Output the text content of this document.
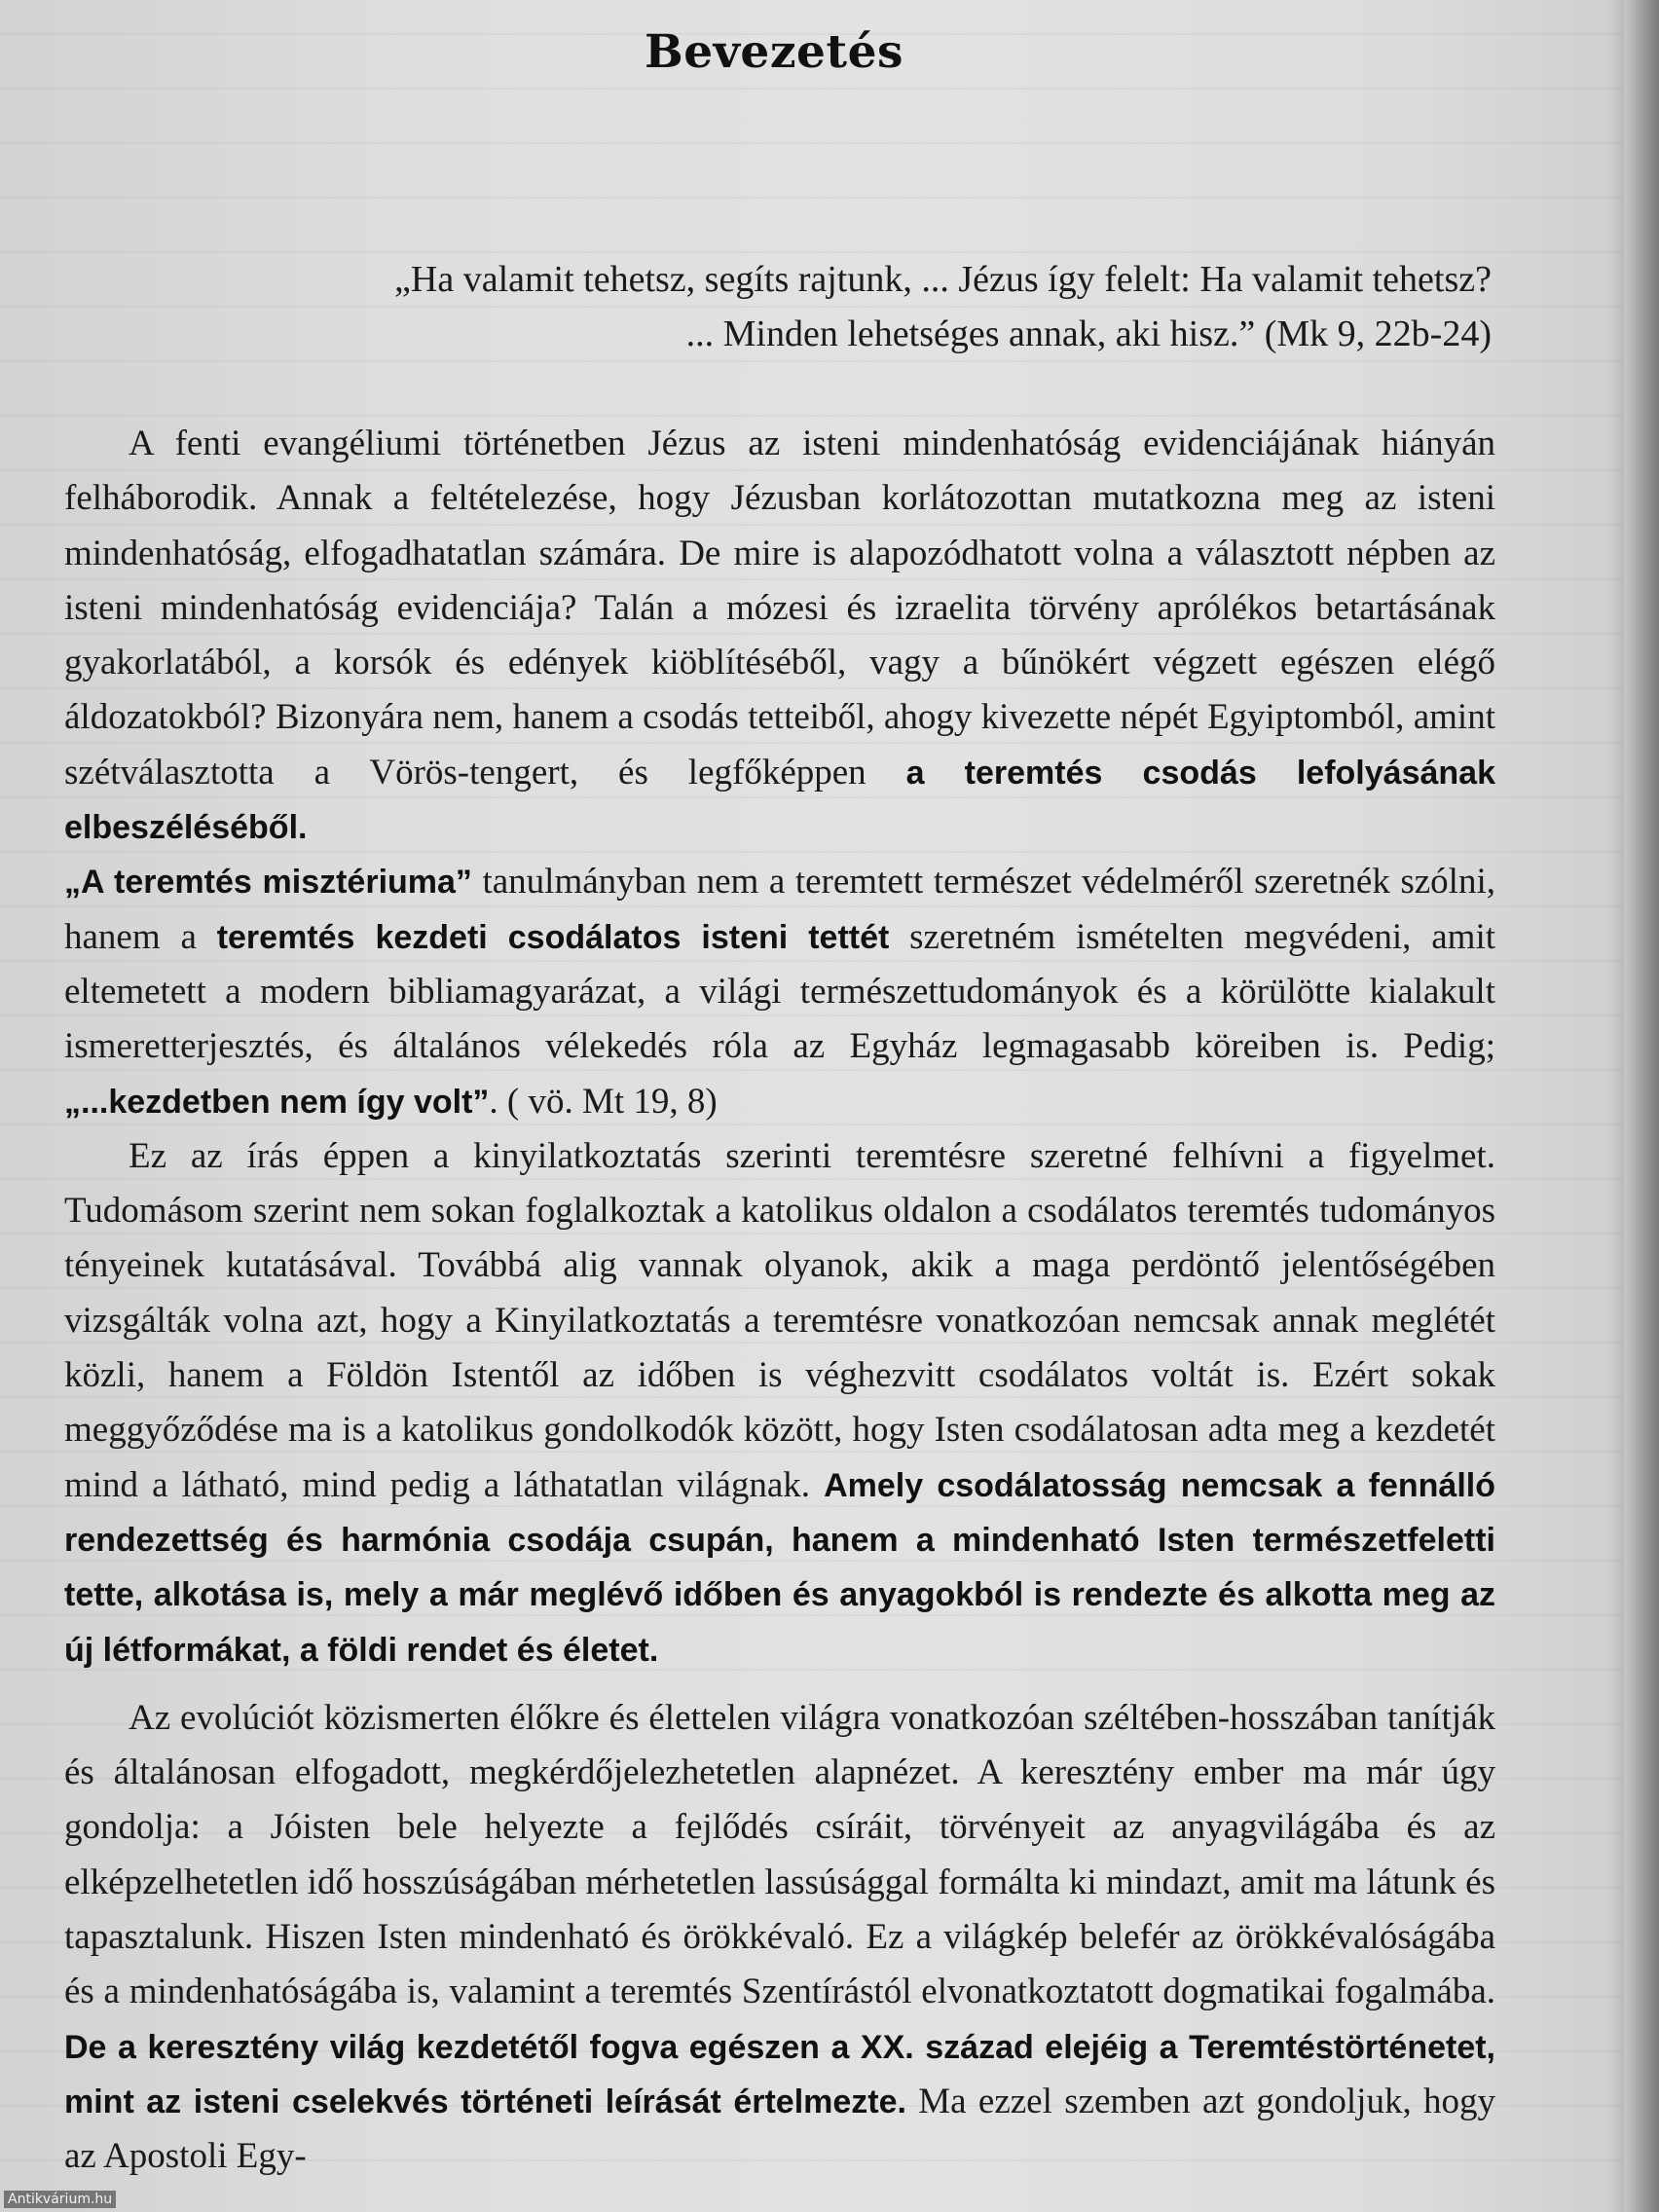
Bevezetés

„Ha valamit tehetsz, segíts rajtunk, ... Jézus így felelt: Ha valamit tehetsz?

... Minden lehetséges annak, aki hisz.” (Mk 9, 22b-24)

A fenti evangéliumi történetben Jézus az isteni mindenhatóság evidenciájának hiányán felháborodik. Annak a feltételezése, hogy Jézusban korlátozottan mutatkozna meg az isteni mindenhatóság, elfogadhatatlan számára. De mire is alapozódhatott volna a választott népben az isteni mindenhatóság evidenciája? Talán a mózesi és izraelita törvény aprólékos betartásának gyakorlatából, a korsók és edények kiöblítéséből, vagy a bűnökért végzett egészen elégő áldozatokból? Bizonyára nem, hanem a csodás tetteiből, ahogy kivezette népét Egyiptomból, amint szétválasztotta a Vörös-tengert, és legfőképpen a teremtés csodás lefolyásának elbeszéléséből.

„A teremtés misztériuma” tanulmányban nem a teremtett természet védelméről szeretnék szólni, hanem a teremtés kezdeti csodálatos isteni tettét szeretném ismételten megvédeni, amit eltemetett a modern bibliamagyarázat, a világi természettudományok és a körülötte kialakult ismeretterjesztés, és általános vélekedés róla az Egyház legmagasabb köreiben is. Pedig; „...kezdetben nem így volt”. ( vö. Mt 19, 8)

Ez az írás éppen a kinyilatkoztatás szerinti teremtésre szeretné felhívni a figyelmet. Tudomásom szerint nem sokan foglalkoztak a katolikus oldalon a csodálatos teremtés tudományos tényeinek kutatásával. Továbbá alig vannak olyanok, akik a maga perdöntő jelentőségében vizsgálták volna azt, hogy a Kinyilatkoztatás a teremtésre vonatkozóan nemcsak annak meglétét közli, hanem a Földön Istentől az időben is véghezvitt csodálatos voltát is. Ezért sokak meggyőződése ma is a katolikus gondolkodók között, hogy Isten csodálatosan adta meg a kezdetét mind a látható, mind pedig a láthatatlan világnak. Amely csodálatosság nemcsak a fennálló rendezettség és harmónia csodája csupán, hanem a mindenható Isten természetfeletti tette, alkotása is, mely a már meglévő időben és anyagokból is rendezte és alkotta meg az új létformákat, a földi rendet és életet.

Az evolúciót közismerten élőkre és élettelen világra vonatkozóan széltében-hosszában tanítják és általánosan elfogadott, megkérdőjelezhetetlen alapnézet. A keresztény ember ma már úgy gondolja: a Jóisten bele helyezte a fejlődés csíráit, törvényeit az anyagvilágába és az elképzelhetetlen idő hosszúságában mérhetetlen lassúsággal formálta ki mindazt, amit ma látunk és tapasztalunk. Hiszen Isten mindenható és örökkévaló. Ez a világkép belefér az örökkévalóságába és a mindenhatóságába is, valamint a teremtés Szentírástól elvonatkoztatott dogmatikai fogalmába. De a keresztény világ kezdetétől fogva egészen a XX. század elejéig a Teremtéstörténetet, mint az isteni cselekvés történeti leírását értelmezte. Ma ezzel szemben azt gondoljuk, hogy az Apostoli Egy-

Antikvárium.hu
